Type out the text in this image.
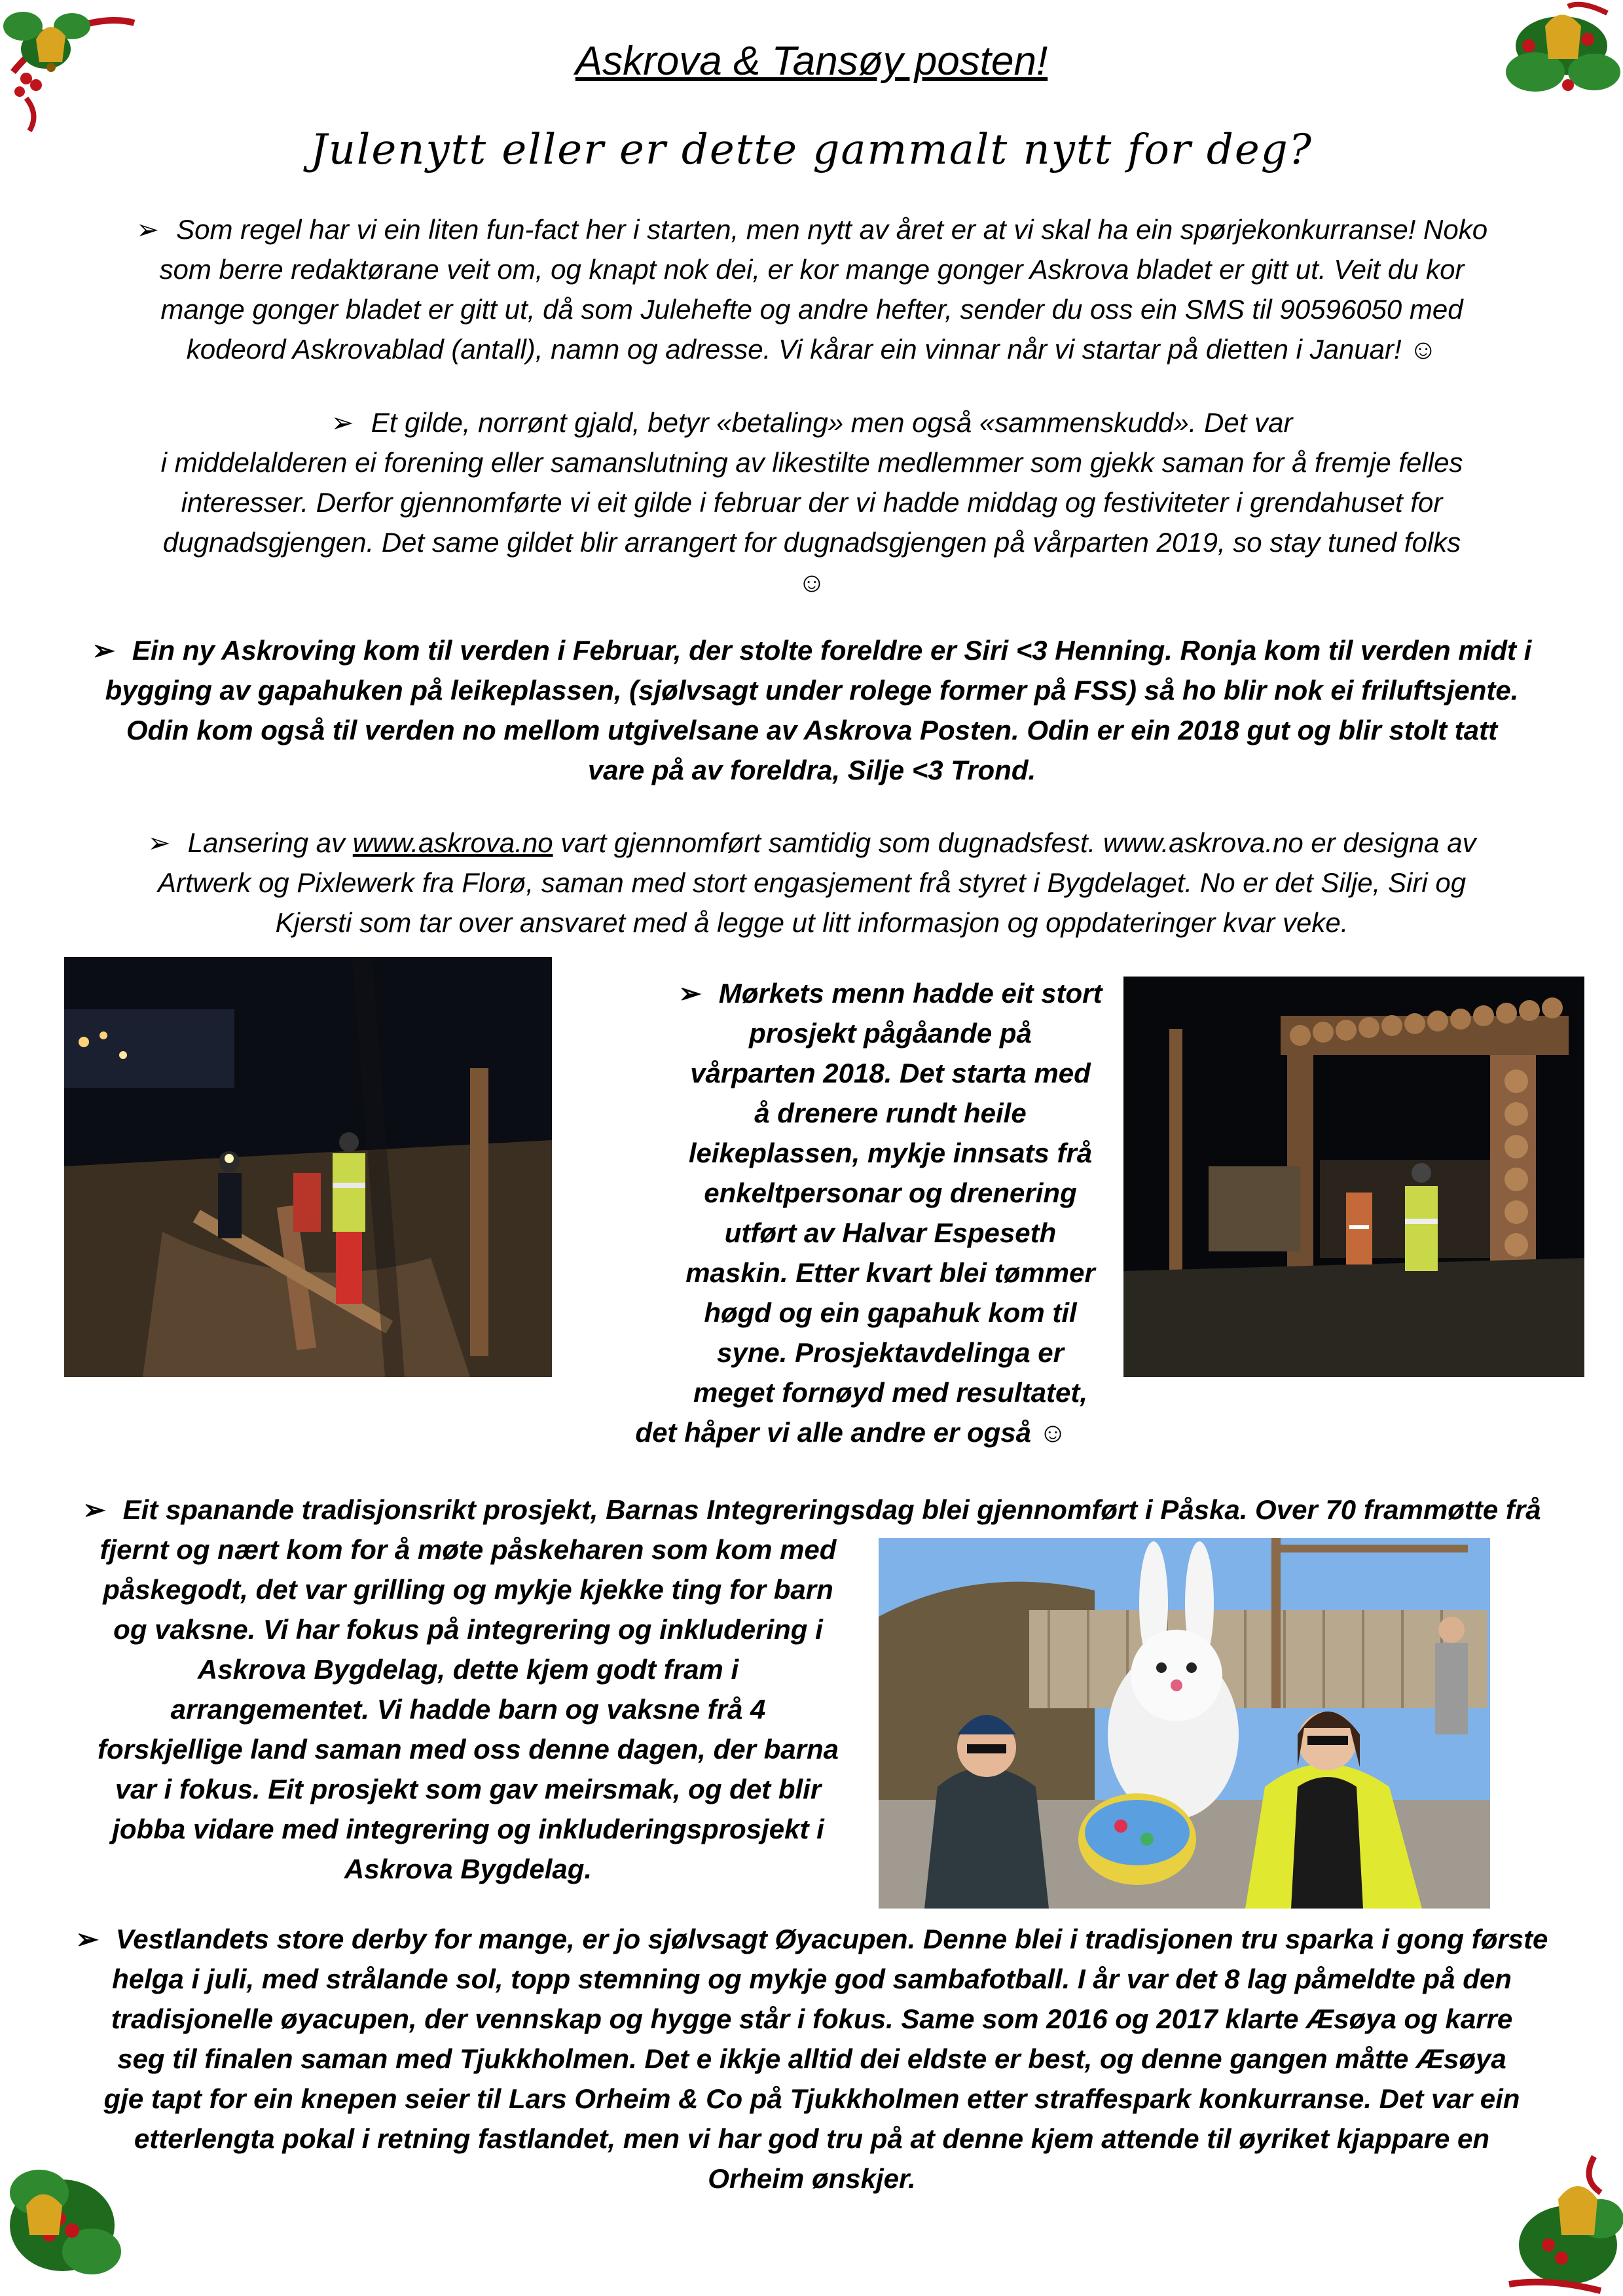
Askrova & Tansøy posten!
Julenytt eller er dette gammalt nytt for deg?
➢ Som regel har vi ein liten fun-fact her i starten, men nytt av året er at vi skal ha ein spørjekonkurranse! Noko
som berre redaktørane veit om, og knapt nok dei, er kor mange gonger Askrova bladet er gitt ut. Veit du kor
mange gonger bladet er gitt ut, då som Julehefte og andre hefter, sender du oss ein SMS til 90596050 med
kodeord Askrovablad (antall), namn og adresse. Vi kårar ein vinnar når vi startar på dietten i Januar! ☺
➢ Et gilde, norrønt gjald, betyr «betaling» men også «sammenskudd». Det var
i middelalderen ei forening eller samanslutning av likestilte medlemmer som gjekk saman for å fremje felles
interesser. Derfor gjennomførte vi eit gilde i februar der vi hadde middag og festiviteter i grendahuset for
dugnadsgjengen. Det same gildet blir arrangert for dugnadsgjengen på vårparten 2019, so stay tuned folks
☺
➢ Ein ny Askroving kom til verden i Februar, der stolte foreldre er Siri <3 Henning. Ronja kom til verden midt i
bygging av gapahuken på leikeplassen, (sjølvsagt under rolege former på FSS) så ho blir nok ei friluftsjente.
Odin kom også til verden no mellom utgivelsane av Askrova Posten. Odin er ein 2018 gut og blir stolt tatt
vare på av foreldra, Silje <3 Trond.
➢ Lansering av www.askrova.no vart gjennomført samtidig som dugnadsfest. www.askrova.no er designa av
Artwerk og Pixlewerk fra Florø, saman med stort engasjement frå styret i Bygdelaget. No er det Silje, Siri og
Kjersti som tar over ansvaret med å legge ut litt informasjon og oppdateringer kvar veke.
➢ Mørkets menn hadde eit stort
prosjekt pågåande på
vårparten 2018. Det starta med
å drenere rundt heile
leikeplassen, mykje innsats frå
enkeltpersonar og drenering
utført av Halvar Espeseth
maskin. Etter kvart blei tømmer
høgd og ein gapahuk kom til
syne. Prosjektavdelinga er
meget fornøyd med resultatet,
det håper vi alle andre er også ☺
➢ Eit spanande tradisjonsrikt prosjekt, Barnas Integreringsdag blei gjennomført i Påska. Over 70 frammøtte frå
fjernt og nært kom for å møte påskeharen som kom med
påskegodt, det var grilling og mykje kjekke ting for barn
og vaksne. Vi har fokus på integrering og inkludering i
Askrova Bygdelag, dette kjem godt fram i
arrangementet. Vi hadde barn og vaksne frå 4
forskjellige land saman med oss denne dagen, der barna
var i fokus. Eit prosjekt som gav meirsmak, og det blir
jobba vidare med integrering og inkluderingsprosjekt i
Askrova Bygdelag.
➢ Vestlandets store derby for mange, er jo sjølvsagt Øyacupen. Denne blei i tradisjonen tru sparka i gong første
helga i juli, med strålande sol, topp stemning og mykje god sambafotball. I år var det 8 lag påmeldte på den
tradisjonelle øyacupen, der vennskap og hygge står i fokus. Same som 2016 og 2017 klarte Æsøya og karre
seg til finalen saman med Tjukkholmen. Det e ikkje alltid dei eldste er best, og denne gangen måtte Æsøya
gje tapt for ein knepen seier til Lars Orheim & Co på Tjukkholmen etter straffespark konkurranse. Det var ein
etterlengta pokal i retning fastlandet, men vi har god tru på at denne kjem attende til øyriket kjappare en
Orheim ønskjer.
